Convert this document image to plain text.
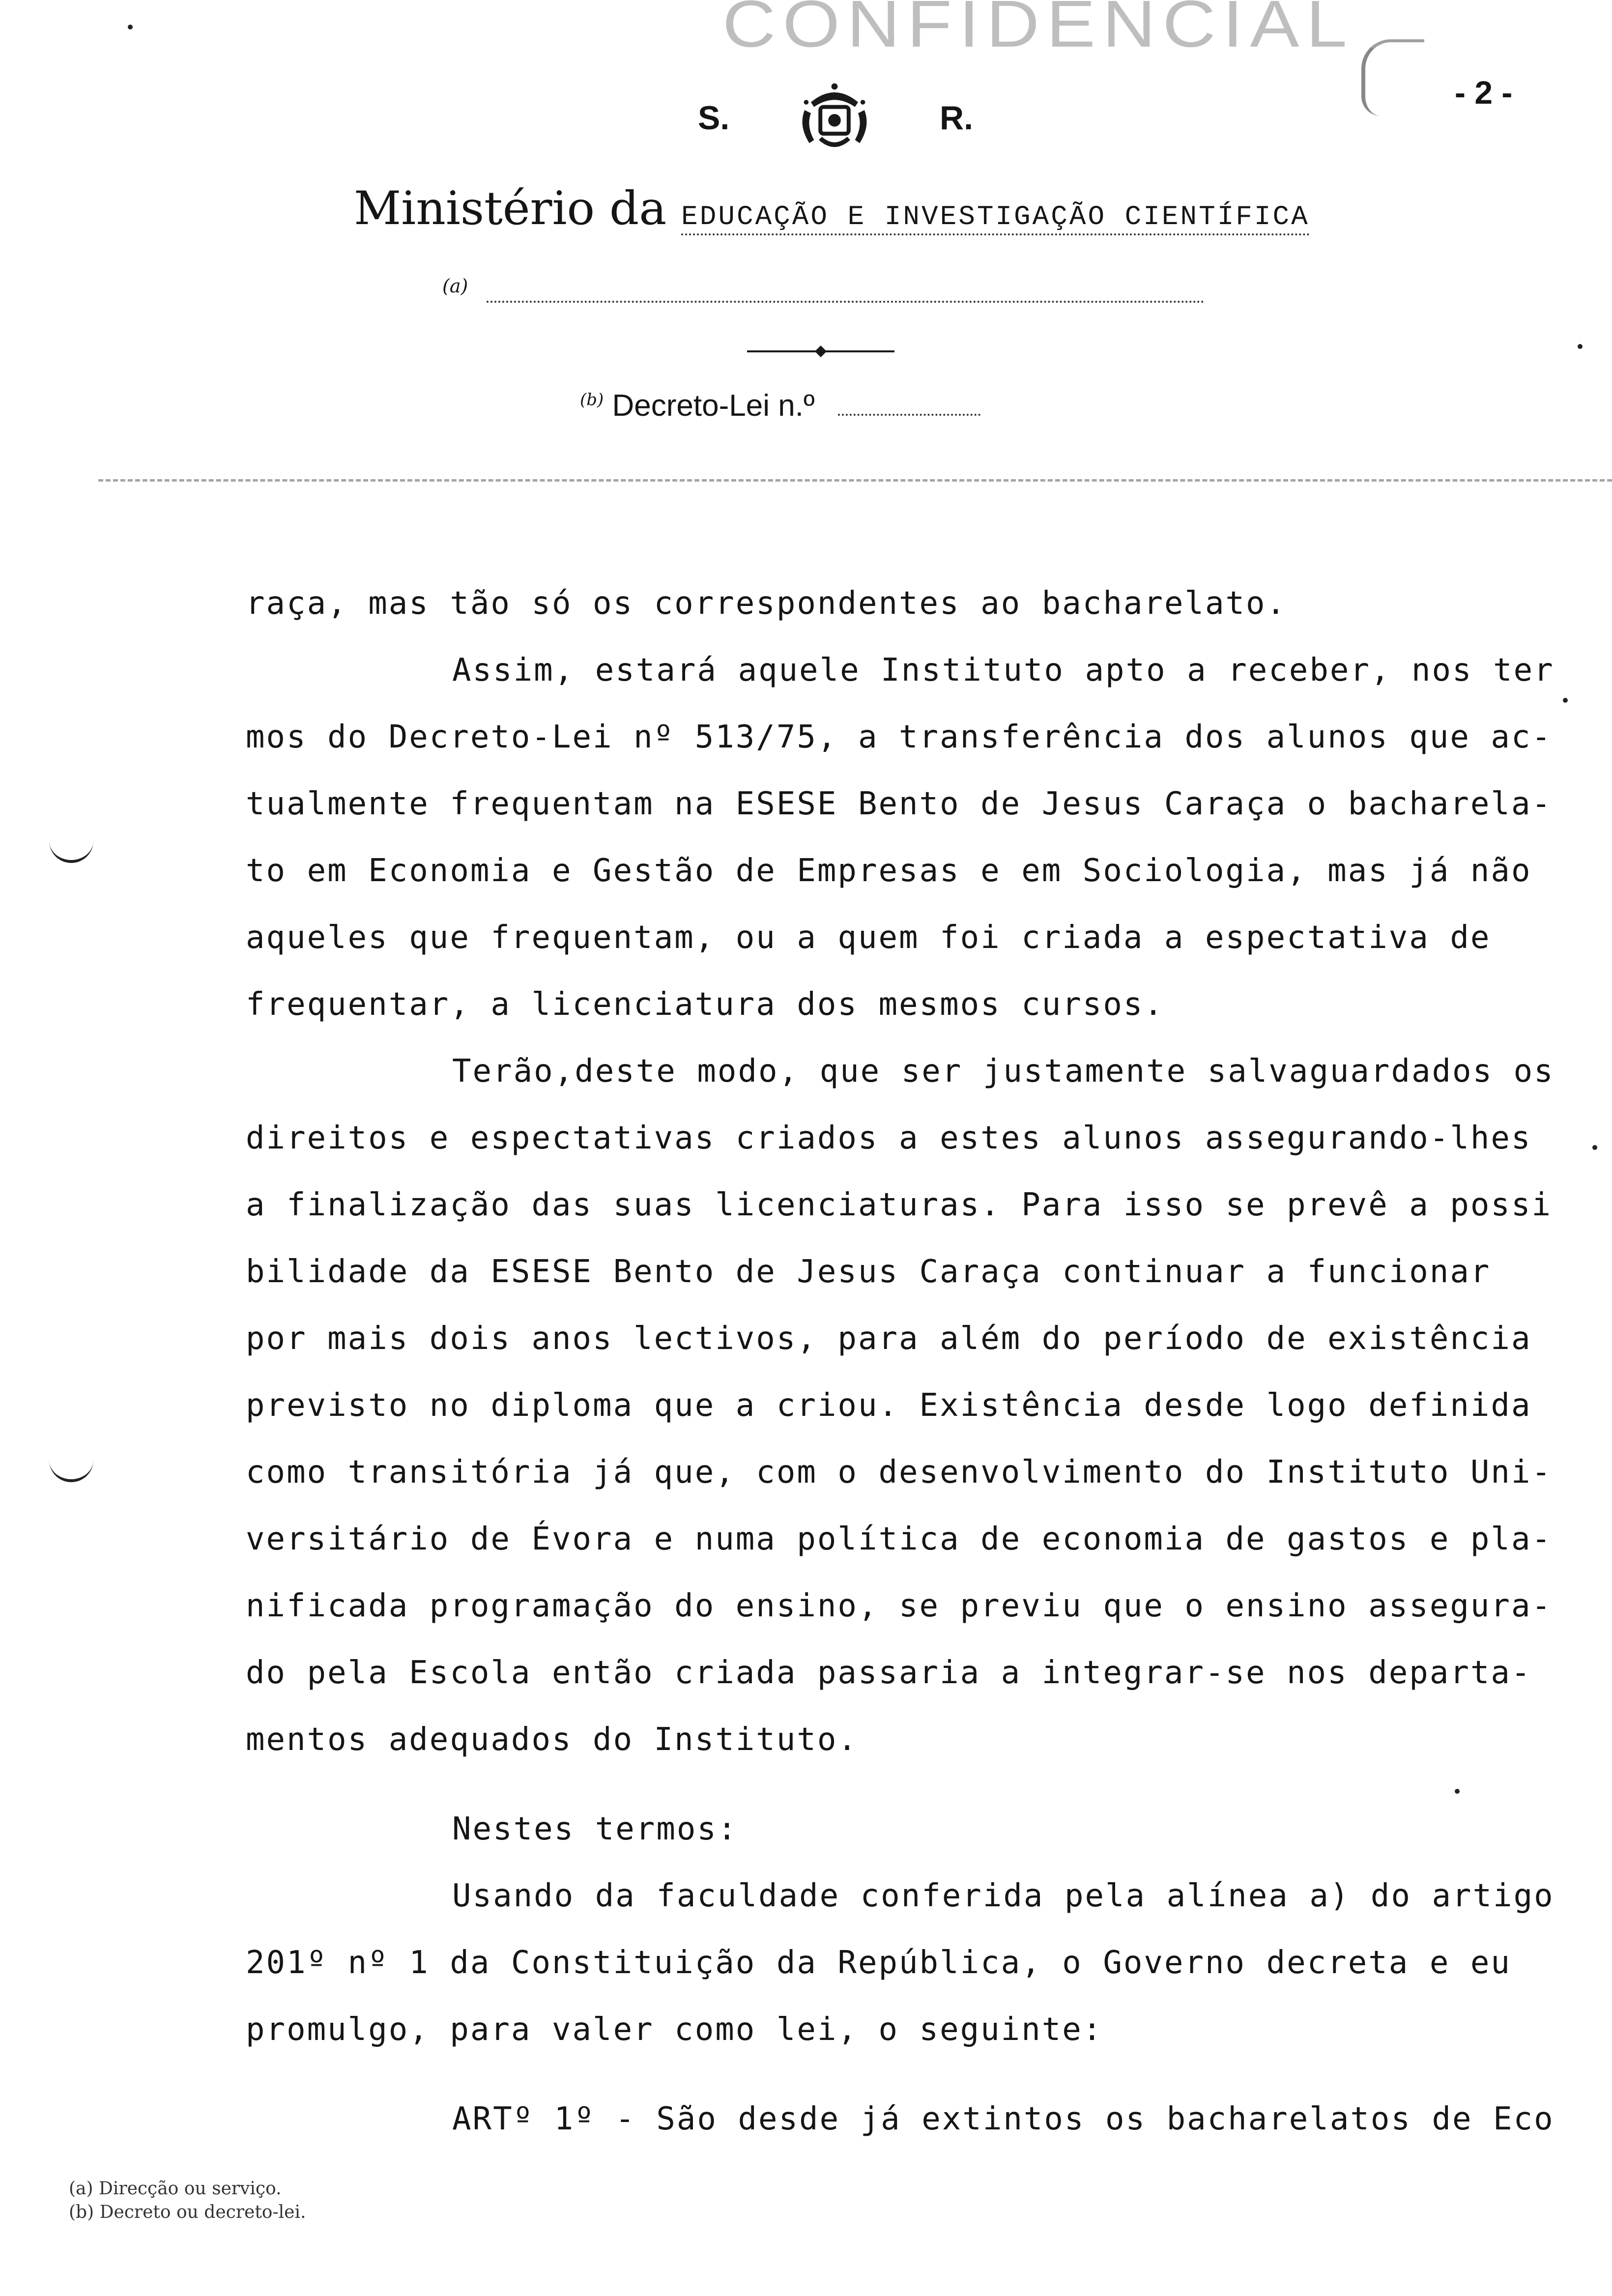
CONFIDENCIAL
- 2 -
S.	R.
Ministério da EDUCAÇÃO E INVESTIGAÇÃO CIENTÍFICA
(a)
$^{(b)}$ Decreto-Lei n.º
raça, mas tão só os correspondentes ao bacharelato.
Assim, estará aquele Instituto apto a receber, nos ter
mos do Decreto-Lei nº 513/75, a transferência dos alunos que ac-
tualmente frequentam na ESESE Bento de Jesus Caraça o bacharela-
to em Economia e Gestão de Empresas e em Sociologia, mas já não
aqueles que frequentam, ou a quem foi criada a espectativa de
frequentar, a licenciatura dos mesmos cursos.
Terão,deste modo, que ser justamente salvaguardados os
direitos e espectativas criados a estes alunos assegurando-lhes
a finalização das suas licenciaturas. Para isso se prevê a possi
bilidade da ESESE Bento de Jesus Caraça continuar a funcionar
por mais dois anos lectivos, para além do período de existência
previsto no diploma que a criou. Existência desde logo definida
como transitória já que, com o desenvolvimento do Instituto Uni-
versitário de Évora e numa política de economia de gastos e pla-
nificada programação do ensino, se previu que o ensino assegura-
do pela Escola então criada passaria a integrar-se nos departa-
mentos adequados do Instituto.
Nestes termos:
Usando da faculdade conferida pela alínea a) do artigo
201º nº 1 da Constituição da República, o Governo decreta e eu
promulgo, para valer como lei, o seguinte:
ARTº 1º - São desde já extintos os bacharelatos de Eco
(a) Direcção ou serviço.
(b) Decreto ou decreto-lei.
